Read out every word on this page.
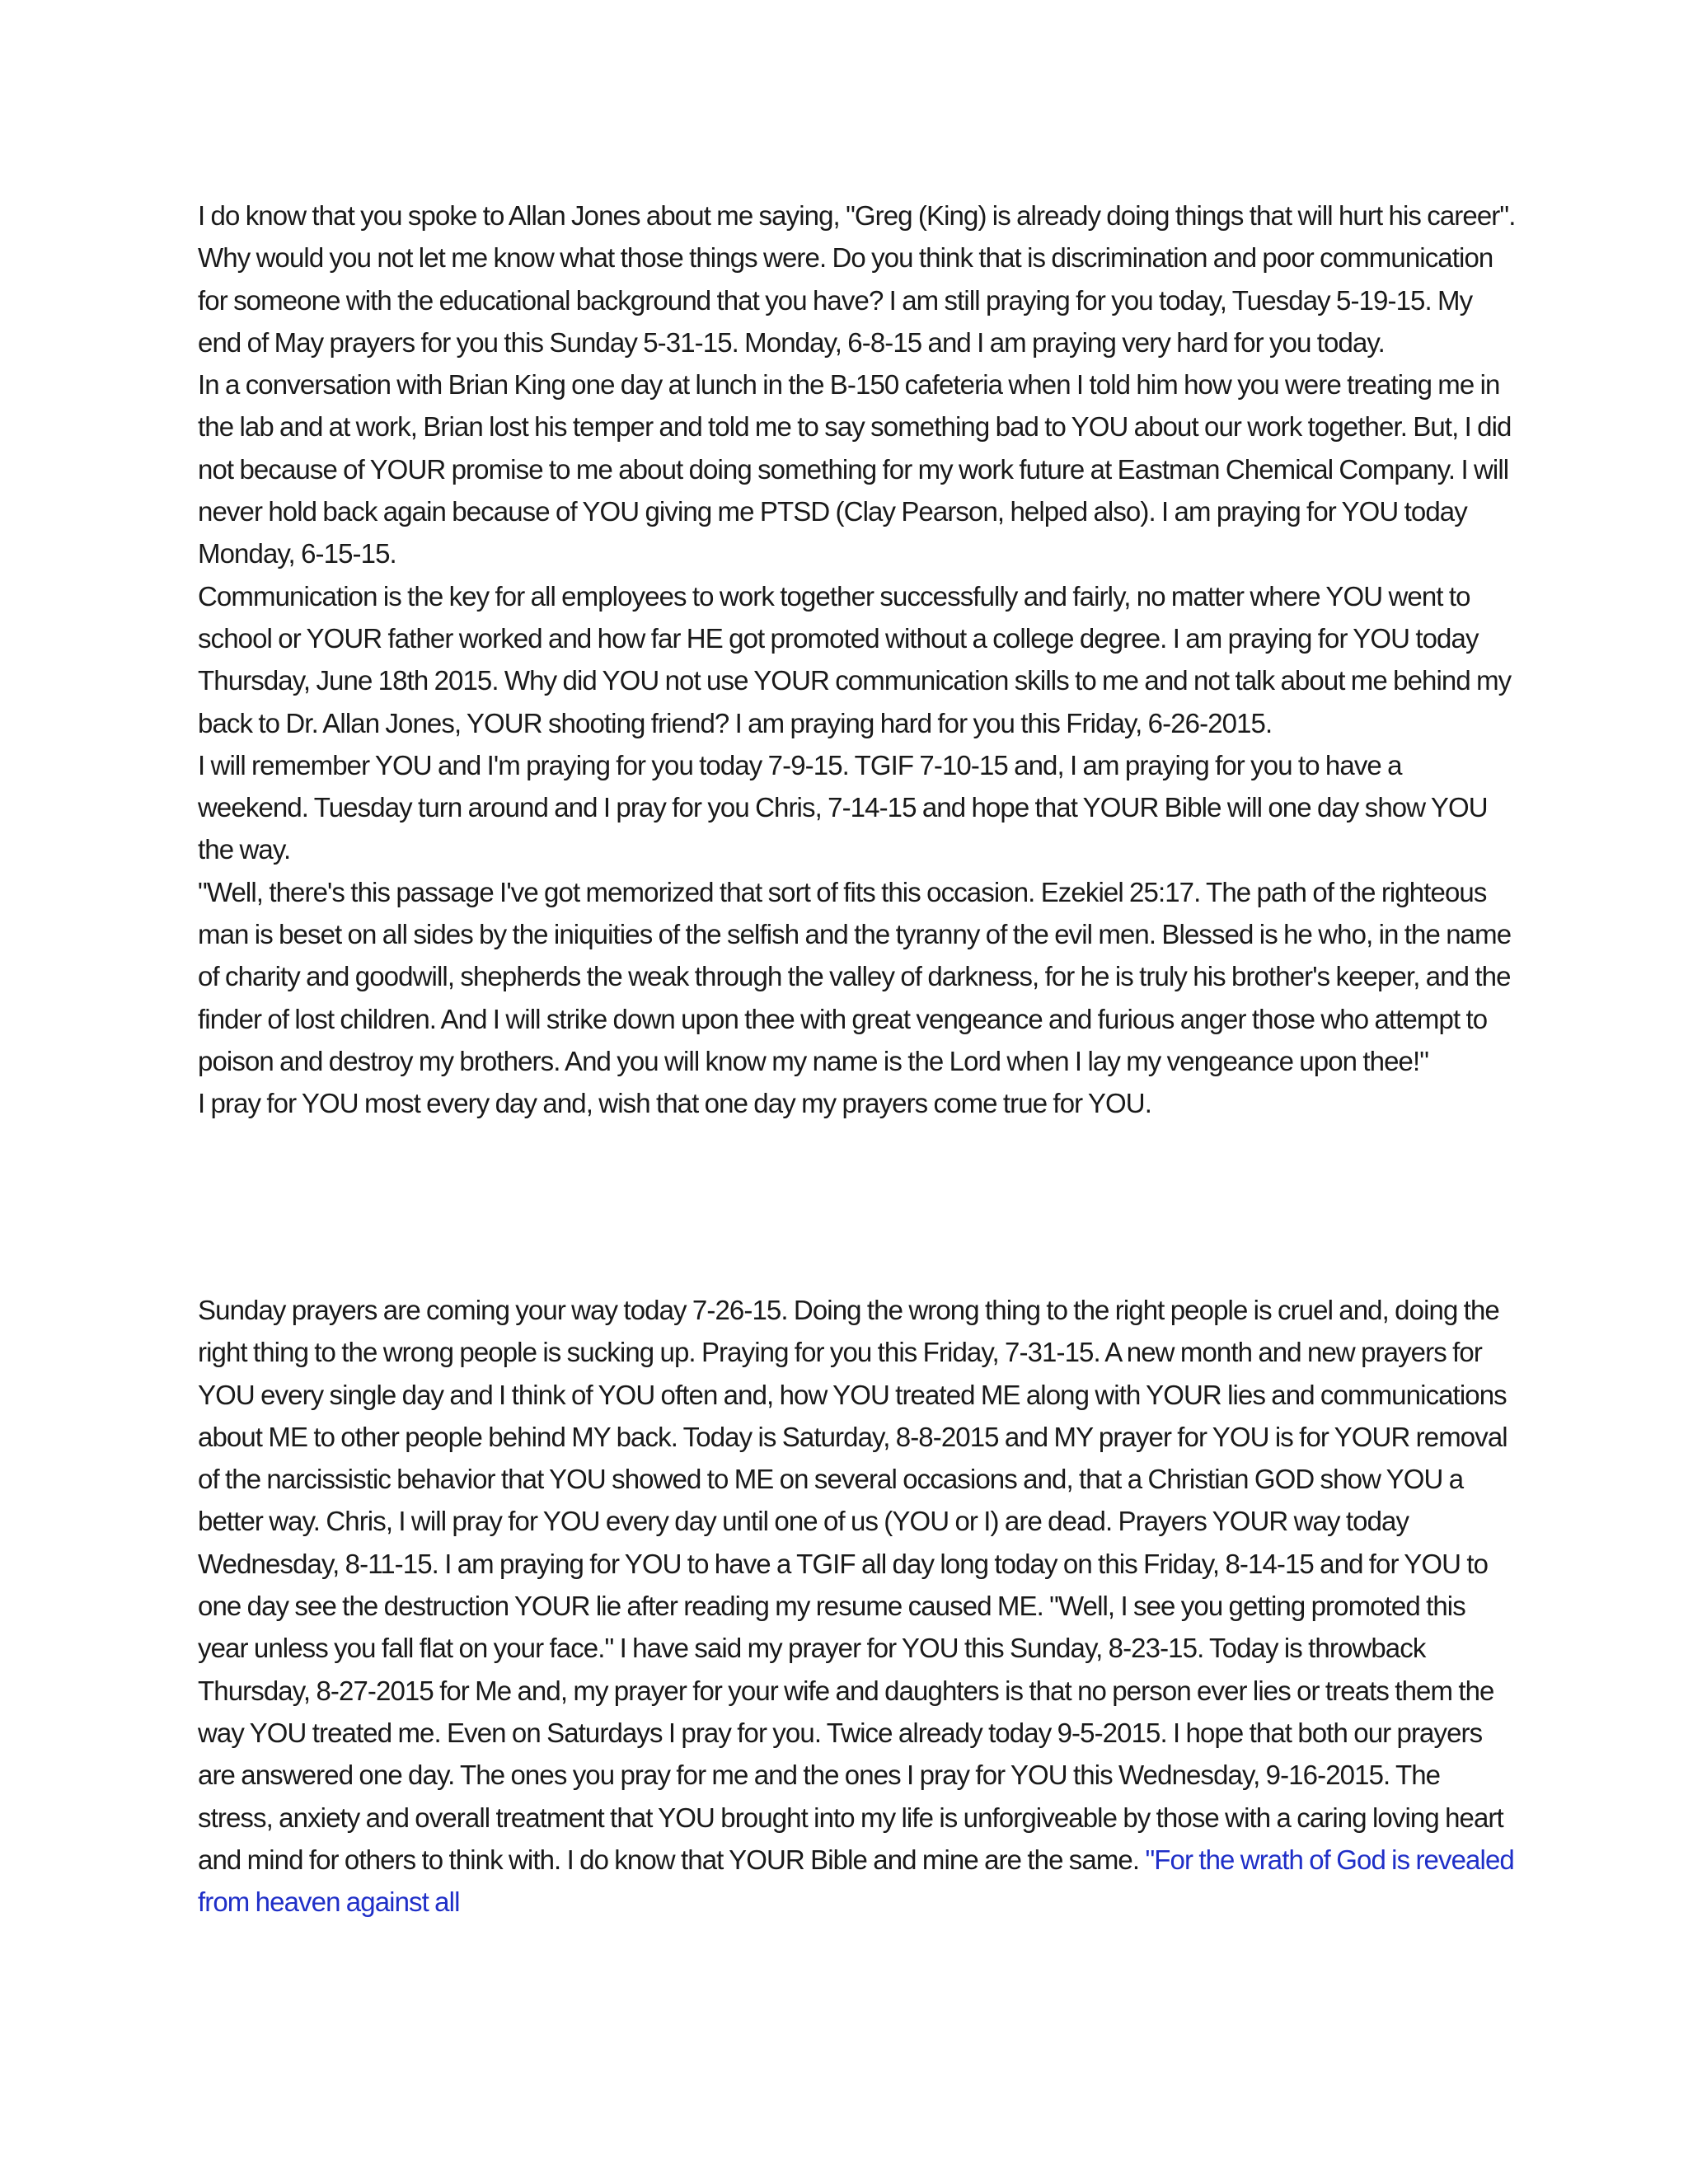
I do know that you spoke to Allan Jones about me saying, "Greg (King) is already doing things that will hurt his career". Why would you not let me know what those things were. Do you think that is discrimination and poor communication for someone with the educational background that you have? I am still praying for you today, Tuesday 5-19-15. My end of May prayers for you this Sunday 5-31-15. Monday, 6-8-15 and I am praying very hard for you today.

In a conversation with Brian King one day at lunch in the B-150 cafeteria when I told him how you were treating me in the lab and at work, Brian lost his temper and told me to say something bad to YOU about our work together. But, I did not because of YOUR promise to me about doing something for my work future at Eastman Chemical Company. I will never hold back again because of YOU giving me PTSD (Clay Pearson, helped also). I am praying for YOU today Monday, 6-15-15.

Communication is the key for all employees to work together successfully and fairly, no matter where YOU went to school or YOUR father worked and how far HE got promoted without a college degree. I am praying for YOU today Thursday, June 18th 2015. Why did YOU not use YOUR communication skills to me and not talk about me behind my back to Dr. Allan Jones, YOUR shooting friend? I am praying hard for you this Friday, 6-26-2015.

I will remember YOU and I'm praying for you today 7-9-15. TGIF 7-10-15 and, I am praying for you to have a weekend. Tuesday turn around and I pray for you Chris, 7-14-15 and hope that YOUR Bible will one day show YOU the way.

"Well, there's this passage I've got memorized that sort of fits this occasion. Ezekiel 25:17. The path of the righteous man is beset on all sides by the iniquities of the selfish and the tyranny of the evil men. Blessed is he who, in the name of charity and goodwill, shepherds the weak through the valley of darkness, for he is truly his brother's keeper, and the finder of lost children. And I will strike down upon thee with great vengeance and furious anger those who attempt to poison and destroy my brothers. And you will know my name is the Lord when I lay my vengeance upon thee!"

I pray for YOU most every day and, wish that one day my prayers come true for YOU.

Sunday prayers are coming your way today 7-26-15. Doing the wrong thing to the right people is cruel and, doing the right thing to the wrong people is sucking up. Praying for you this Friday, 7-31-15. A new month and new prayers for YOU every single day and I think of YOU often and, how YOU treated ME along with YOUR lies and communications about ME to other people behind MY back. Today is Saturday, 8-8-2015 and MY prayer for YOU is for YOUR removal of the narcissistic behavior that YOU showed to ME on several occasions and, that a Christian GOD show YOU a better way. Chris, I will pray for YOU every day until one of us (YOU or I) are dead. Prayers YOUR way today Wednesday, 8-11-15. I am praying for YOU to have a TGIF all day long today on this Friday, 8-14-15 and for YOU to one day see the destruction YOUR lie after reading my resume caused ME. "Well, I see you getting promoted this year unless you fall flat on your face." I have said my prayer for YOU this Sunday, 8-23-15. Today is throwback Thursday, 8-27-2015 for Me and, my prayer for your wife and daughters is that no person ever lies or treats them the way YOU treated me. Even on Saturdays I pray for you. Twice already today 9-5-2015. I hope that both our prayers are answered one day. The ones you pray for me and the ones I pray for YOU this Wednesday, 9-16-2015. The stress, anxiety and overall treatment that YOU brought into my life is unforgiveable by those with a caring loving heart and mind for others to think with. I do know that YOUR Bible and mine are the same. "For the wrath of God is revealed from heaven against all
